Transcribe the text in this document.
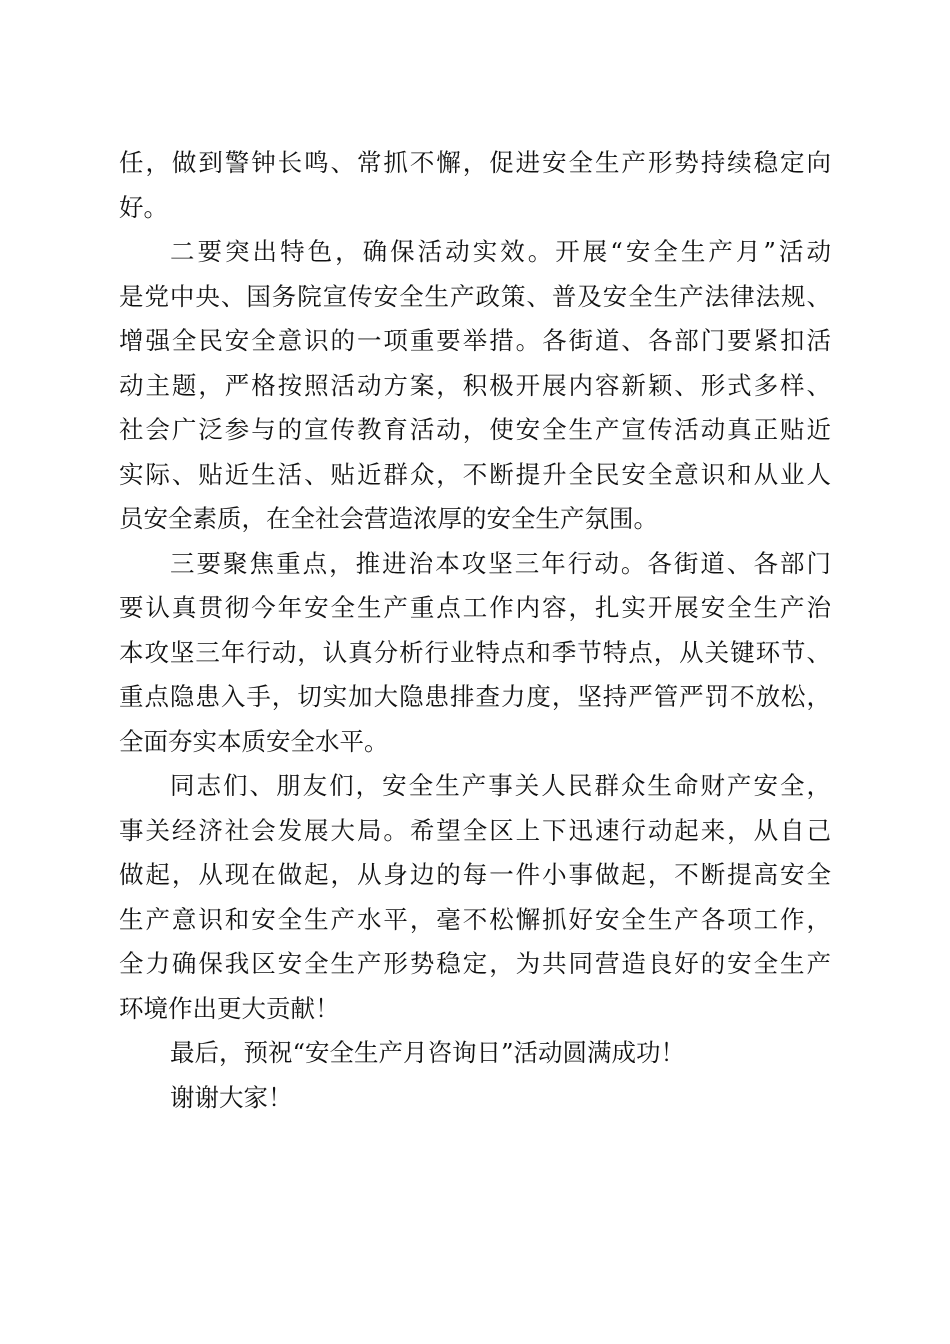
任，做到警钟长鸣、常抓不懈，促进安全生产形势持续稳定向
好。
二要突出特色，确保活动实效。开展“安全生产月”活动
是党中央、国务院宣传安全生产政策、普及安全生产法律法规、
增强全民安全意识的一项重要举措。各街道、各部门要紧扣活
动主题，严格按照活动方案，积极开展内容新颖、形式多样、
社会广泛参与的宣传教育活动，使安全生产宣传活动真正贴近
实际、贴近生活、贴近群众，不断提升全民安全意识和从业人
员安全素质，在全社会营造浓厚的安全生产氛围。
三要聚焦重点，推进治本攻坚三年行动。各街道、各部门
要认真贯彻今年安全生产重点工作内容，扎实开展安全生产治
本攻坚三年行动，认真分析行业特点和季节特点，从关键环节、
重点隐患入手，切实加大隐患排查力度，坚持严管严罚不放松，
全面夯实本质安全水平。
同志们、朋友们，安全生产事关人民群众生命财产安全，
事关经济社会发展大局。希望全区上下迅速行动起来，从自己
做起，从现在做起，从身边的每一件小事做起，不断提高安全
生产意识和安全生产水平，毫不松懈抓好安全生产各项工作，
全力确保我区安全生产形势稳定，为共同营造良好的安全生产
环境作出更大贡献！
最后，预祝“安全生产月咨询日”活动圆满成功！
谢谢大家！
